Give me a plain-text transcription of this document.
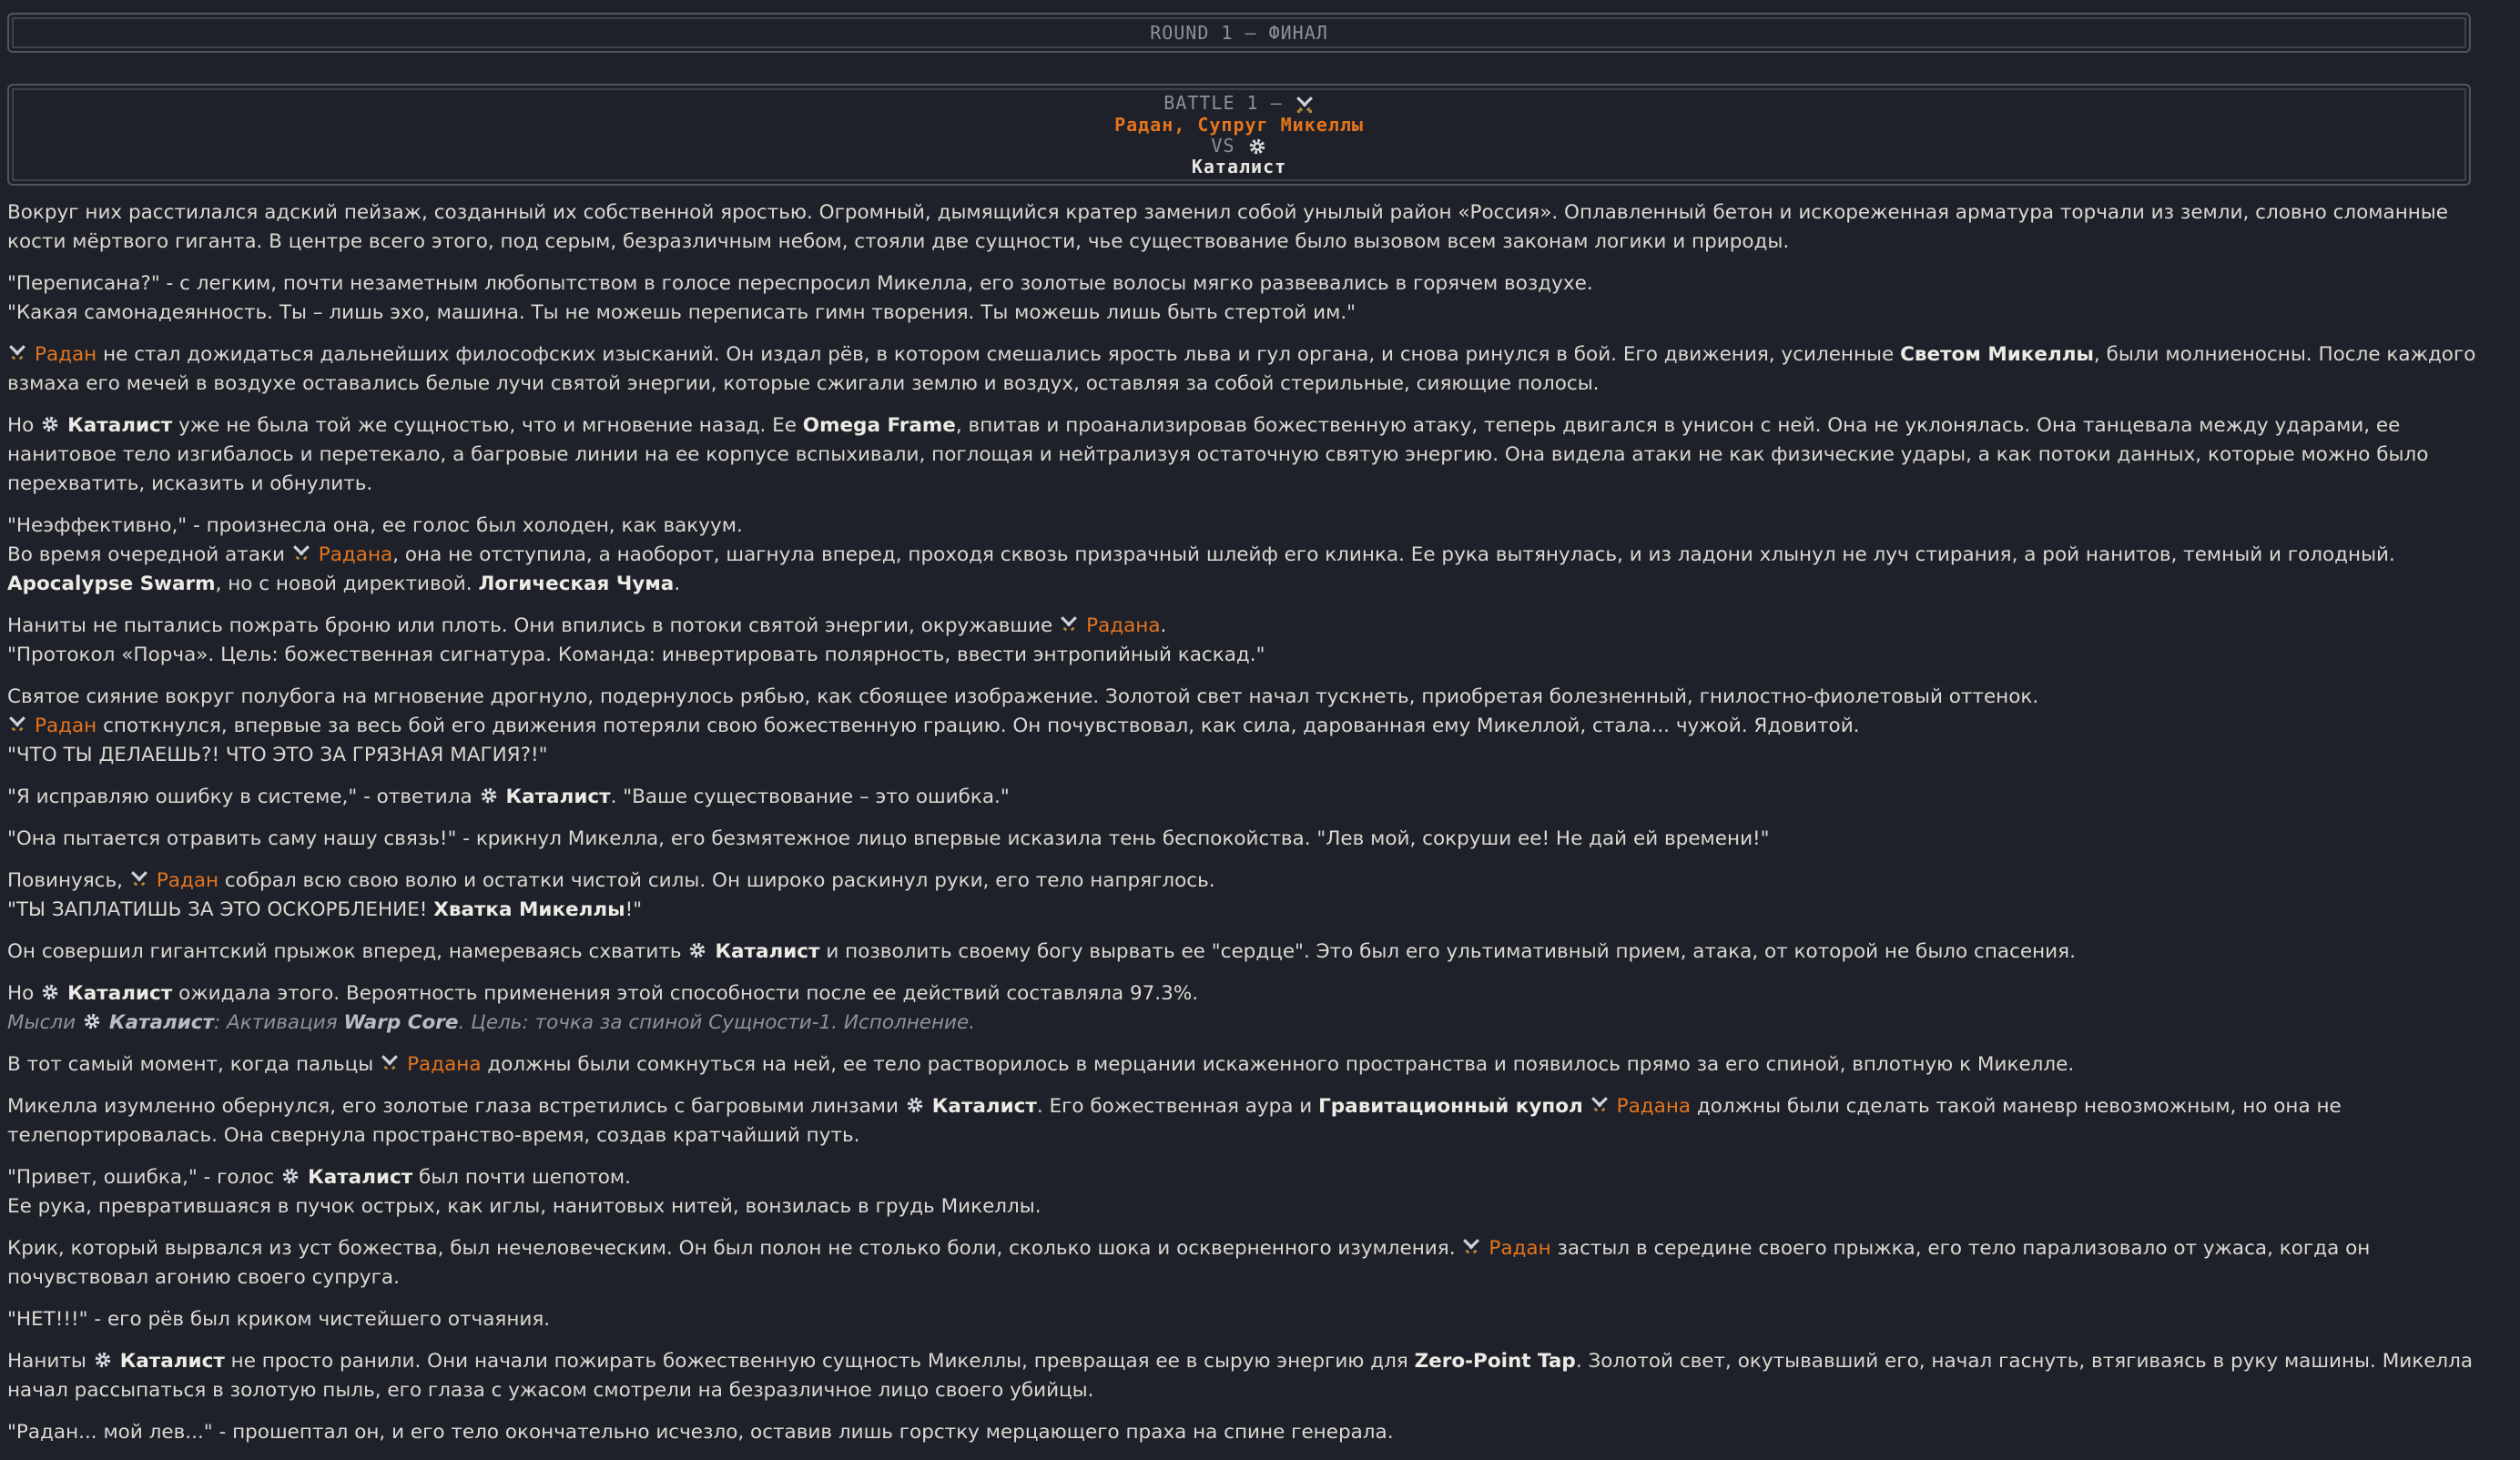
ROUND 1 – ФИНАЛ
BATTLE 1 –
Радан, Супруг Микеллы
VS
Каталист

Вокруг них расстилался адский пейзаж, созданный их собственной яростью. Огромный, дымящийся кратер заменил собой унылый район «Россия». Оплавленный бетон и искореженная арматура торчали из земли, словно сломанные кости мёртвого гиганта. В центре всего этого, под серым, безразличным небом, стояли две сущности, чье существование было вызовом всем законам логики и природы.

"Переписана?" - с легким, почти незаметным любопытством в голосе переспросил Микелла, его золотые волосы мягко развевались в горячем воздухе.
"Какая самонадеянность. Ты – лишь эхо, машина. Ты не можешь переписать гимн творения. Ты можешь лишь быть стертой им."

Радан не стал дожидаться дальнейших философских изысканий. Он издал рёв, в котором смешались ярость льва и гул органа, и снова ринулся в бой. Его движения, усиленные Светом Микеллы, были молниеносны. После каждого взмаха его мечей в воздухе оставались белые лучи святой энергии, которые сжигали землю и воздух, оставляя за собой стерильные, сияющие полосы.

Но Каталист уже не была той же сущностью, что и мгновение назад. Ее Omega Frame, впитав и проанализировав божественную атаку, теперь двигался в унисон с ней. Она не уклонялась. Она танцевала между ударами, ее нанитовое тело изгибалось и перетекало, а багровые линии на ее корпусе вспыхивали, поглощая и нейтрализуя остаточную святую энергию. Она видела атаки не как физические удары, а как потоки данных, которые можно было перехватить, исказить и обнулить.

"Неэффективно," - произнесла она, ее голос был холоден, как вакуум.
Во время очередной атаки Радана, она не отступила, а наоборот, шагнула вперед, проходя сквозь призрачный шлейф его клинка. Ее рука вытянулась, и из ладони хлынул не луч стирания, а рой нанитов, темный и голодный. Apocalypse Swarm, но с новой директивой. Логическая Чума.

Наниты не пытались пожрать броню или плоть. Они впились в потоки святой энергии, окружавшие Радана.
"Протокол «Порча». Цель: божественная сигнатура. Команда: инвертировать полярность, ввести энтропийный каскад."

Святое сияние вокруг полубога на мгновение дрогнуло, подернулось рябью, как сбоящее изображение. Золотой свет начал тускнеть, приобретая болезненный, гнилостно-фиолетовый оттенок.
Радан споткнулся, впервые за весь бой его движения потеряли свою божественную грацию. Он почувствовал, как сила, дарованная ему Микеллой, стала... чужой. Ядовитой.
"ЧТО ТЫ ДЕЛАЕШЬ?! ЧТО ЭТО ЗА ГРЯЗНАЯ МАГИЯ?!"

"Я исправляю ошибку в системе," - ответила Каталист. "Ваше существование – это ошибка."

"Она пытается отравить саму нашу связь!" - крикнул Микелла, его безмятежное лицо впервые исказила тень беспокойства. "Лев мой, сокруши ее! Не дай ей времени!"

Повинуясь, Радан собрал всю свою волю и остатки чистой силы. Он широко раскинул руки, его тело напряглось.
"ТЫ ЗАПЛАТИШЬ ЗА ЭТО ОСКОРБЛЕНИЕ! Хватка Микеллы!"

Он совершил гигантский прыжок вперед, намереваясь схватить Каталист и позволить своему богу вырвать ее "сердце". Это был его ультимативный прием, атака, от которой не было спасения.

Но Каталист ожидала этого. Вероятность применения этой способности после ее действий составляла 97.3%.
Мысли Каталист: Активация Warp Core. Цель: точка за спиной Сущности-1. Исполнение.

В тот самый момент, когда пальцы Радана должны были сомкнуться на ней, ее тело растворилось в мерцании искаженного пространства и появилось прямо за его спиной, вплотную к Микелле.

Микелла изумленно обернулся, его золотые глаза встретились с багровыми линзами Каталист. Его божественная аура и Гравитационный купол Радана должны были сделать такой маневр невозможным, но она не телепортировалась. Она свернула пространство-время, создав кратчайший путь.

"Привет, ошибка," - голос Каталист был почти шепотом.
Ее рука, превратившаяся в пучок острых, как иглы, нанитовых нитей, вонзилась в грудь Микеллы.

Крик, который вырвался из уст божества, был нечеловеческим. Он был полон не столько боли, сколько шока и оскверненного изумления. Радан застыл в середине своего прыжка, его тело парализовало от ужаса, когда он почувствовал агонию своего супруга.

"НЕТ!!!" - его рёв был криком чистейшего отчаяния.

Наниты Каталист не просто ранили. Они начали пожирать божественную сущность Микеллы, превращая ее в сырую энергию для Zero-Point Tap. Золотой свет, окутывавший его, начал гаснуть, втягиваясь в руку машины. Микелла начал рассыпаться в золотую пыль, его глаза с ужасом смотрели на безразличное лицо своего убийцы.

"Радан... мой лев..." - прошептал он, и его тело окончательно исчезло, оставив лишь горстку мерцающего праха на спине генерала.
